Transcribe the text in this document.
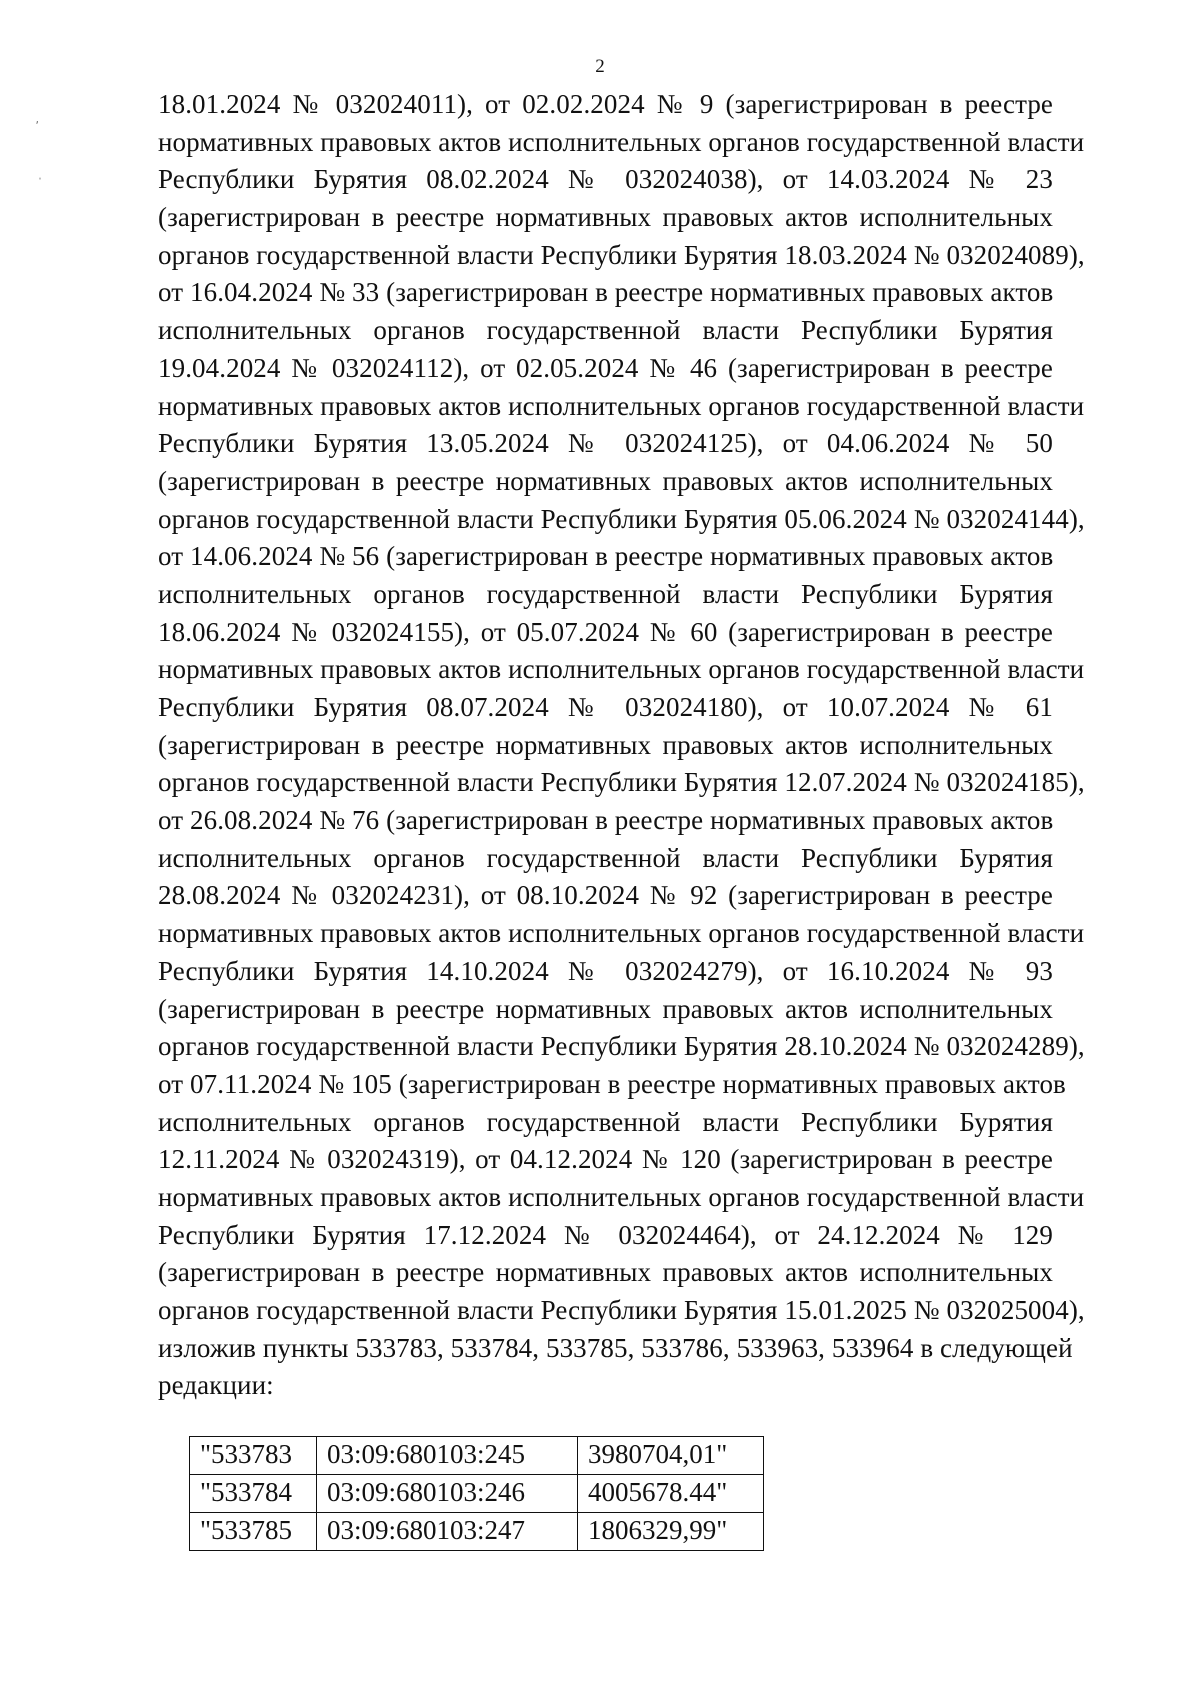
2
ʹ
ˌ
18.01.2024 № 032024011), от 02.02.2024 № 9 (зарегистрирован в реестре
нормативных правовых актов исполнительных органов государственной власти
Республики Бурятия 08.02.2024 № 032024038), от 14.03.2024 № 23
(зарегистрирован в реестре нормативных правовых актов исполнительных
органов государственной власти Республики Бурятия 18.03.2024 № 032024089),
от 16.04.2024 № 33 (зарегистрирован в реестре нормативных правовых актов
исполнительных органов государственной власти Республики Бурятия
19.04.2024 № 032024112), от 02.05.2024 № 46 (зарегистрирован в реестре
нормативных правовых актов исполнительных органов государственной власти
Республики Бурятия 13.05.2024 № 032024125), от 04.06.2024 № 50
(зарегистрирован в реестре нормативных правовых актов исполнительных
органов государственной власти Республики Бурятия 05.06.2024 № 032024144),
от 14.06.2024 № 56 (зарегистрирован в реестре нормативных правовых актов
исполнительных органов государственной власти Республики Бурятия
18.06.2024 № 032024155), от 05.07.2024 № 60 (зарегистрирован в реестре
нормативных правовых актов исполнительных органов государственной власти
Республики Бурятия 08.07.2024 № 032024180), от 10.07.2024 № 61
(зарегистрирован в реестре нормативных правовых актов исполнительных
органов государственной власти Республики Бурятия 12.07.2024 № 032024185),
от 26.08.2024 № 76 (зарегистрирован в реестре нормативных правовых актов
исполнительных органов государственной власти Республики Бурятия
28.08.2024 № 032024231), от 08.10.2024 № 92 (зарегистрирован в реестре
нормативных правовых актов исполнительных органов государственной власти
Республики Бурятия 14.10.2024 № 032024279), от 16.10.2024 № 93
(зарегистрирован в реестре нормативных правовых актов исполнительных
органов государственной власти Республики Бурятия 28.10.2024 № 032024289),
от 07.11.2024 № 105 (зарегистрирован в реестре нормативных правовых актов
исполнительных органов государственной власти Республики Бурятия
12.11.2024 № 032024319), от 04.12.2024 № 120 (зарегистрирован в реестре
нормативных правовых актов исполнительных органов государственной власти
Республики Бурятия 17.12.2024 № 032024464), от 24.12.2024 № 129
(зарегистрирован в реестре нормативных правовых актов исполнительных
органов государственной власти Республики Бурятия 15.01.2025 № 032025004),
изложив пункты 533783, 533784, 533785, 533786, 533963, 533964 в следующей
редакции:
"533783	03:09:680103:245	3980704,01"
"533784	03:09:680103:246	4005678.44"
"533785	03:09:680103:247	1806329,99"
